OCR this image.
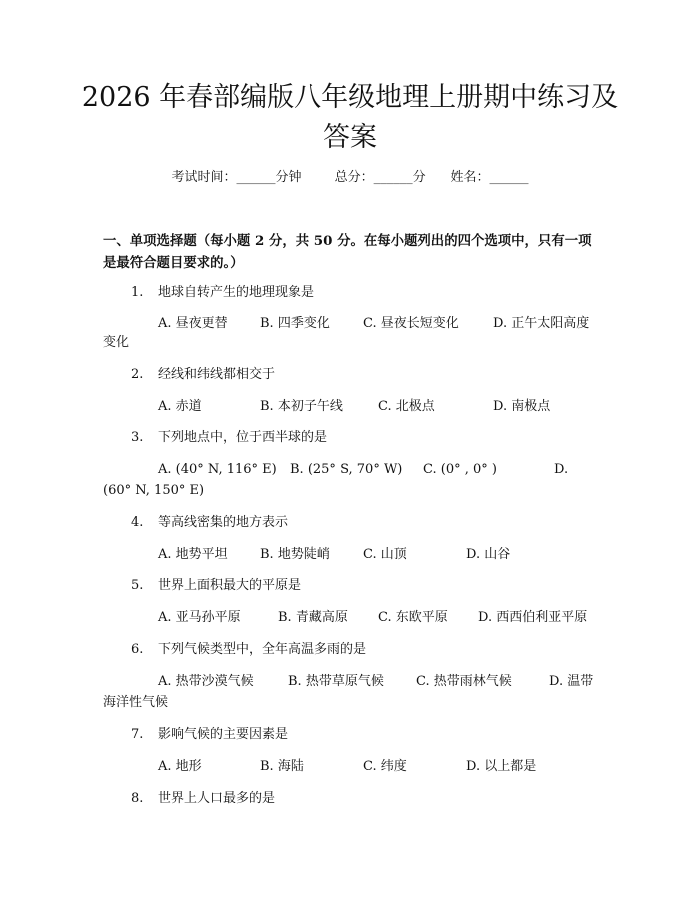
2026 年春部编版八年级地理上册期中练习及
答案
考试时间：______分钟	总分：______分 姓名：______
一、单项选择题（每小题 2 分，共 50 分。在每小题列出的四个选项中，只有一项
是最符合题目要求的。）
1.	地球自转产生的地理现象是
A. 昼夜更替 B. 四季变化	C. 昼夜长短变化	D. 正午太阳高度
变化
2.	经线和纬线都相交于
A. 赤道	B. 本初子午线	C. 北极点	D. 南极点
3.	下列地点中，位于西半球的是
A. (40° N, 116° E) B. (25° S, 70° W) C. (0° , 0° )	D.
(60° N, 150° E)
4.	等高线密集的地方表示
A. 地势平坦 B. 地势陡峭	C. 山顶	D. 山谷
5.	世界上面积最大的平原是
A. 亚马孙平原	B. 青藏高原 C. 东欧平原 D. 西西伯利亚平原
6.	下列气候类型中，全年高温多雨的是
A. 热带沙漠气候	B. 热带草原气候 C. 热带雨林气候	D. 温带
海洋性气候
7.	影响气候的主要因素是
A. 地形	B. 海陆	C. 纬度	D. 以上都是
8.	世界上人口最多的是
